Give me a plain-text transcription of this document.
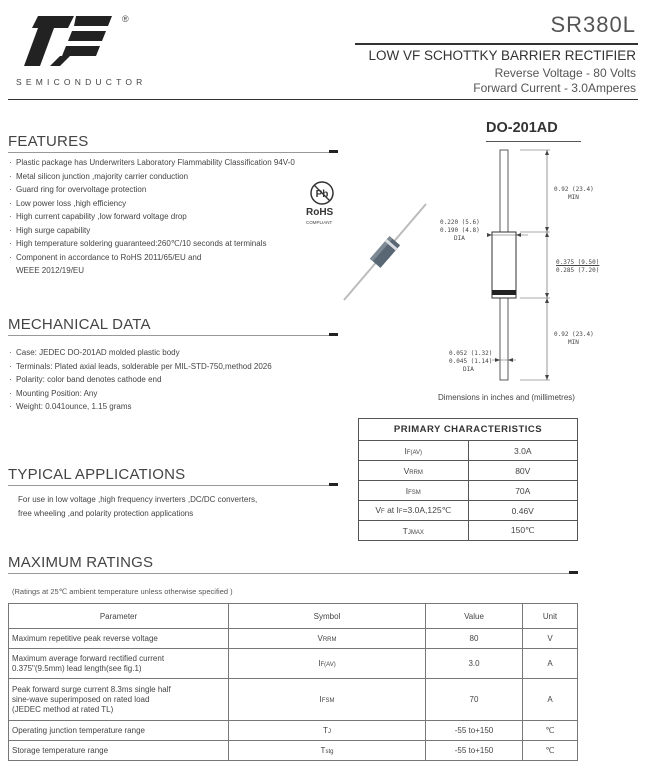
®
SEMICONDUCTOR
SR380L
LOW VF SCHOTTKY BARRIER RECTIFIER
Reverse Voltage - 80 Volts
Forward Current - 3.0Amperes
FEATURES
· Plastic package has Underwriters Laboratory Flammability Classification 94V-0
· Metal silicon junction ,majority carrier conduction
· Guard ring for overvoltage protection
· Low power loss ,high efficiency
· High current capability ,low forward voltage drop
· High surge capability
· High temperature soldering guaranteed:260℃/10 seconds at terminals
· Component in accordance to RoHS 2011/65/EU and
WEEE 2012/19/EU
Pb
RoHS
COMPLIANT
DO-201AD
0.92 (23.4)
MIN
0.220 (5.6)
0.190 (4.8)
DIA
0.375 (9.50)
0.285 (7.20)
0.92 (23.4)
MIN
0.052 (1.32)
0.045 (1.14)
DIA
Dimensions in inches and (millimetres)
MECHANICAL DATA
· Case: JEDEC DO-201AD molded plastic body
· Terminals: Plated axial leads, solderable per MIL-STD-750,method 2026
· Polarity: color band denotes cathode end
· Mounting Position: Any
· Weight: 0.041ounce, 1.15 grams
PRIMARY CHARACTERISTICS	
IF(AV)	3.0A
VRRM	80V
IFSM	70A
VF at IF=3.0A,125℃	0.46V
TJMAX	150℃
TYPICAL APPLICATIONS
For use in low voltage ,high frequency inverters ,DC/DC converters,
free wheeling ,and polarity protection applications
MAXIMUM RATINGS
(Ratings at 25℃ ambient temperature unless otherwise specified )
Parameter	Symbol	Value	Unit

Maximum repetitive peak reverse voltage	VRRM	80	V

Maximum average forward rectified current
0.375"(9.5mm) lead length(see fig.1)	IF(AV)	3.0	A

Peak forward surge current 8.3ms single half
sine-wave superimposed on rated load
(JEDEC method at rated TL)	IFSM	70	A

Operating junction temperature range	TJ	-55 to+150	℃

Storage temperature range	Tstg	-55 to+150	℃
